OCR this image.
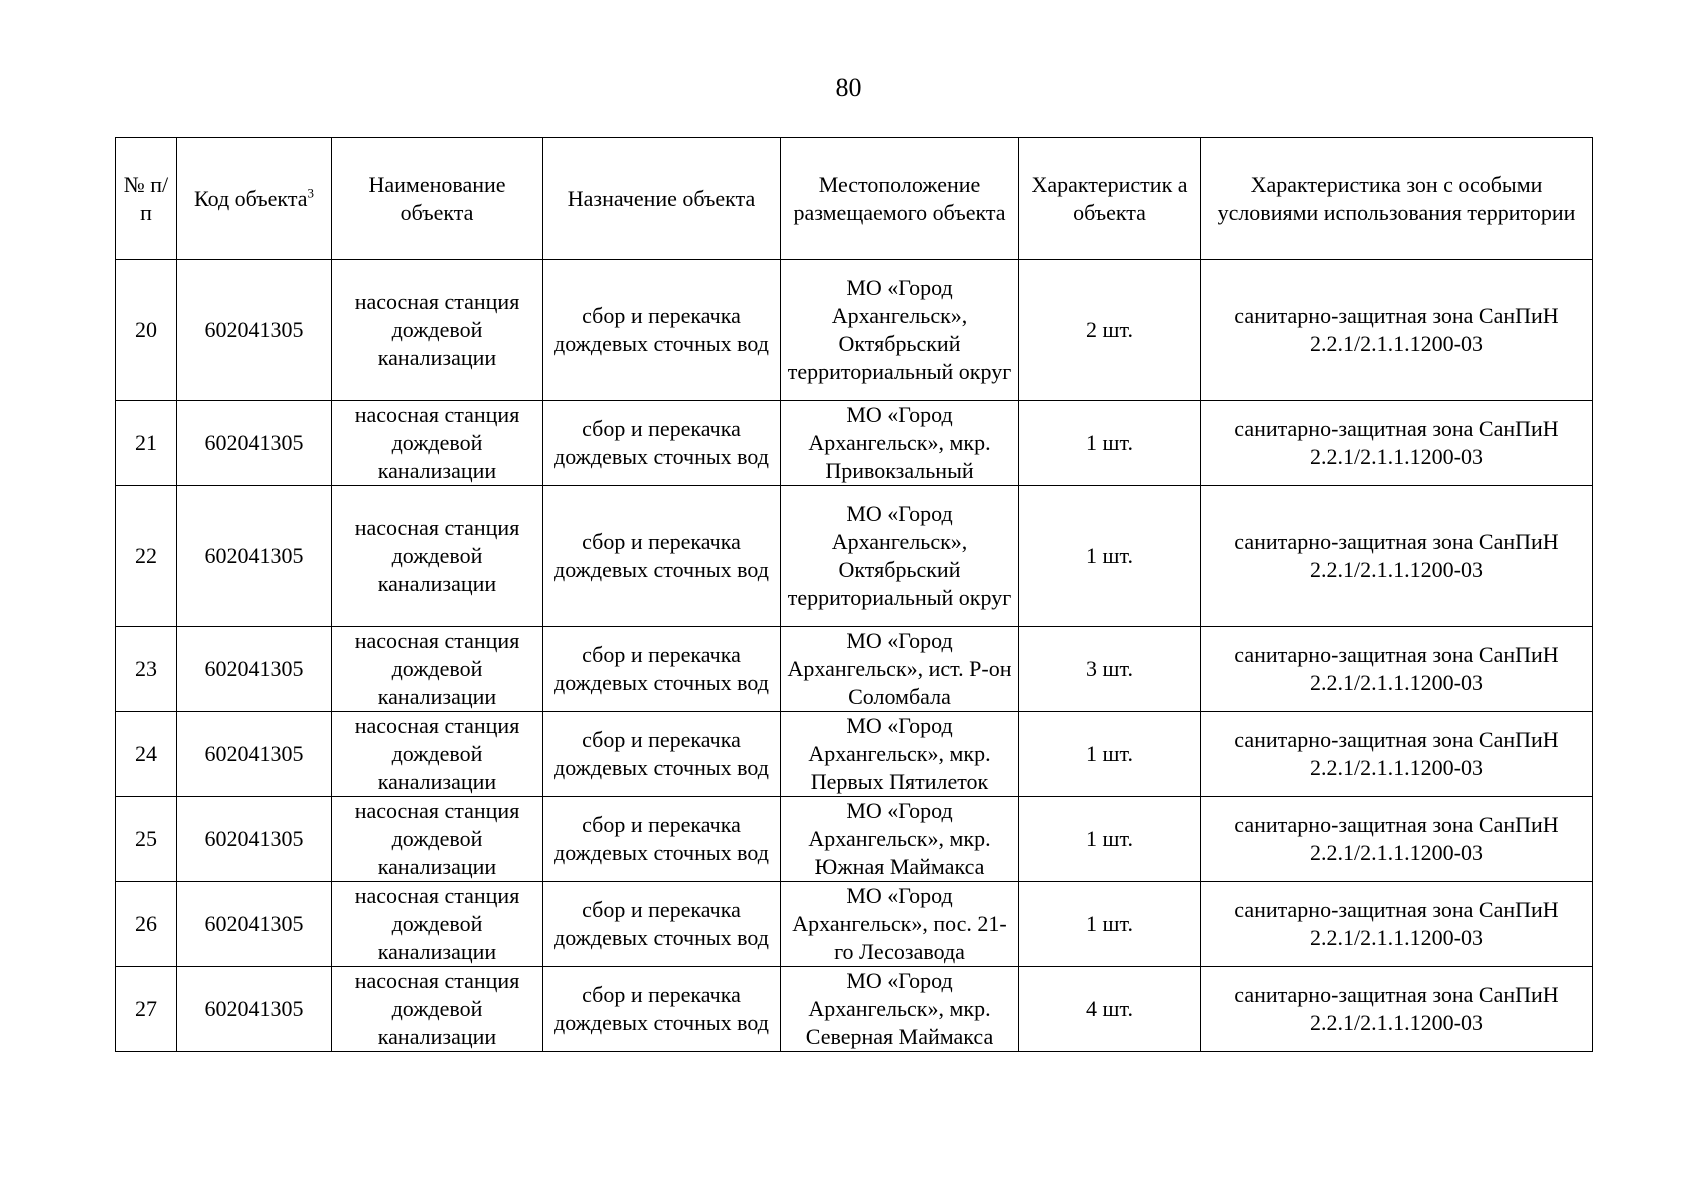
80
№ п/п	Код объекта$^3$	Наименование объекта	Назначение объекта	Местоположение размещаемого объекта	Характеристик а объекта	Характеристика зон с особыми условиями использования территории
20	602041305	насосная станция дождевой канализации	сбор и перекачка дождевых сточных вод	МО «Город Архангельск», Октябрьский территориальный округ	2 шт.	санитарно-защитная зона СанПиН 2.2.1/2.1.1.1200-03
21	602041305	насосная станция дождевой канализации	сбор и перекачка дождевых сточных вод	МО «Город Архангельск», мкр. Привокзальный	1 шт.	санитарно-защитная зона СанПиН 2.2.1/2.1.1.1200-03
22	602041305	насосная станция дождевой канализации	сбор и перекачка дождевых сточных вод	МО «Город Архангельск», Октябрьский территориальный округ	1 шт.	санитарно-защитная зона СанПиН 2.2.1/2.1.1.1200-03
23	602041305	насосная станция дождевой канализации	сбор и перекачка дождевых сточных вод	МО «Город Архангельск», ист. Р-он Соломбала	3 шт.	санитарно-защитная зона СанПиН 2.2.1/2.1.1.1200-03
24	602041305	насосная станция дождевой канализации	сбор и перекачка дождевых сточных вод	МО «Город Архангельск», мкр. Первых Пятилеток	1 шт.	санитарно-защитная зона СанПиН 2.2.1/2.1.1.1200-03
25	602041305	насосная станция дождевой канализации	сбор и перекачка дождевых сточных вод	МО «Город Архангельск», мкр. Южная Маймакса	1 шт.	санитарно-защитная зона СанПиН 2.2.1/2.1.1.1200-03
26	602041305	насосная станция дождевой канализации	сбор и перекачка дождевых сточных вод	МО «Город Архангельск», пос. 21-го Лесозавода	1 шт.	санитарно-защитная зона СанПиН 2.2.1/2.1.1.1200-03
27	602041305	насосная станция дождевой канализации	сбор и перекачка дождевых сточных вод	МО «Город Архангельск», мкр. Северная Маймакса	4 шт.	санитарно-защитная зона СанПиН 2.2.1/2.1.1.1200-03
